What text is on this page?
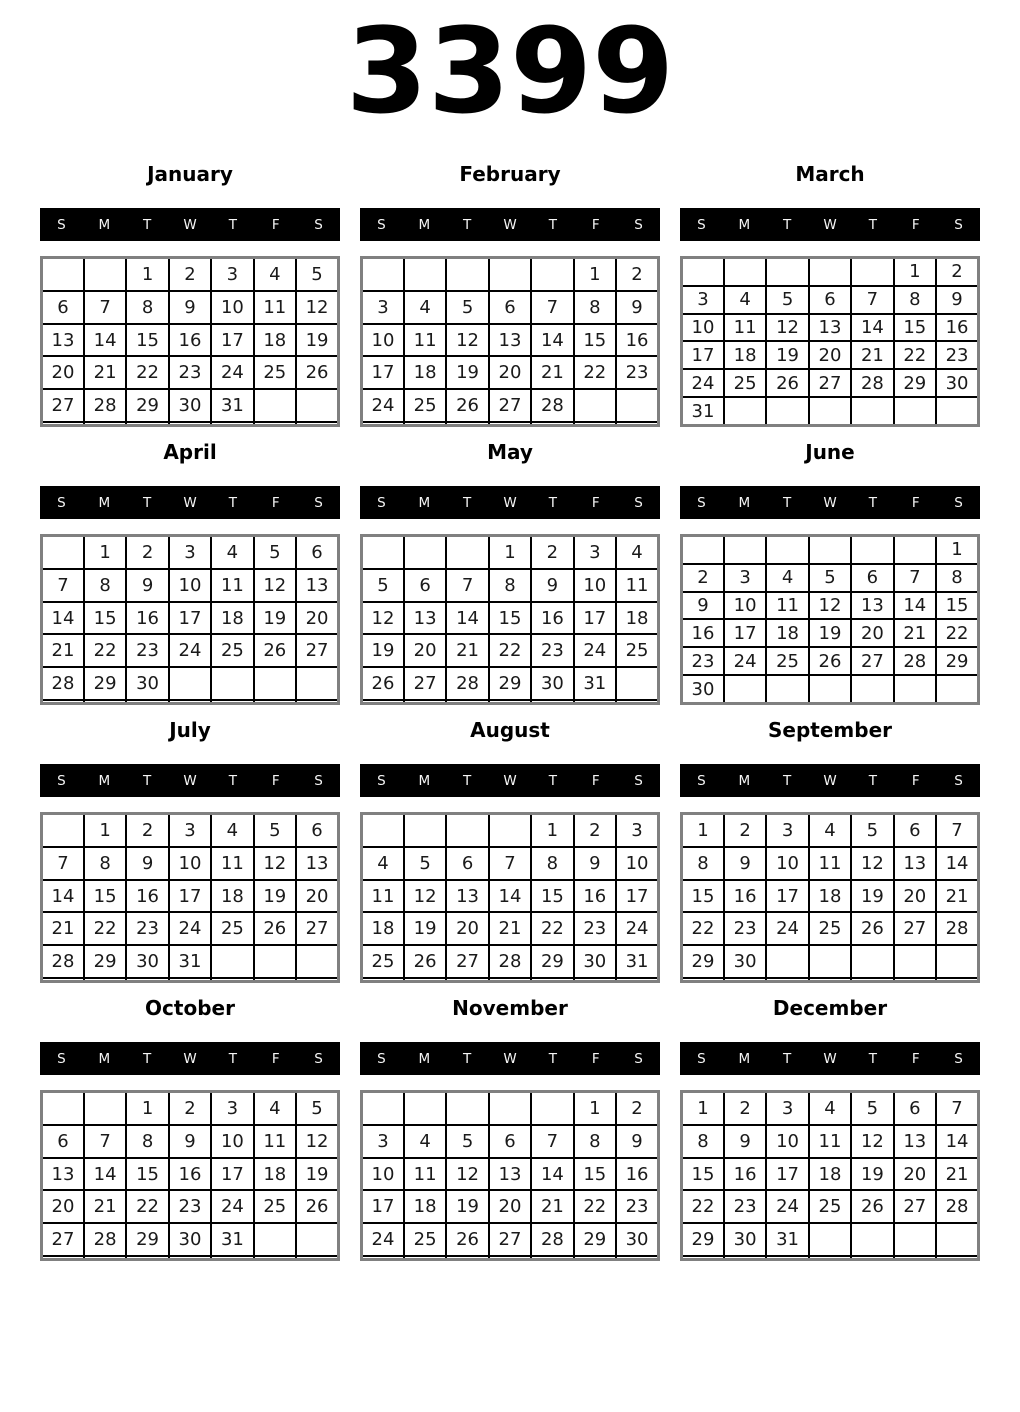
3399
January
S	M	T	W	T	F	S
		1	2	3	4	5
6	7	8	9	10	11	12
13	14	15	16	17	18	19
20	21	22	23	24	25	26
27	28	29	30	31		

February
S	M	T	W	T	F	S
					1	2
3	4	5	6	7	8	9
10	11	12	13	14	15	16
17	18	19	20	21	22	23
24	25	26	27	28		

March
S	M	T	W	T	F	S
					1	2
3	4	5	6	7	8	9
10	11	12	13	14	15	16
17	18	19	20	21	22	23
24	25	26	27	28	29	30
31						
April
S	M	T	W	T	F	S
	1	2	3	4	5	6
7	8	9	10	11	12	13
14	15	16	17	18	19	20
21	22	23	24	25	26	27
28	29	30				

May
S	M	T	W	T	F	S
			1	2	3	4
5	6	7	8	9	10	11
12	13	14	15	16	17	18
19	20	21	22	23	24	25
26	27	28	29	30	31	

June
S	M	T	W	T	F	S
						1
2	3	4	5	6	7	8
9	10	11	12	13	14	15
16	17	18	19	20	21	22
23	24	25	26	27	28	29
30						
July
S	M	T	W	T	F	S
	1	2	3	4	5	6
7	8	9	10	11	12	13
14	15	16	17	18	19	20
21	22	23	24	25	26	27
28	29	30	31			

August
S	M	T	W	T	F	S
				1	2	3
4	5	6	7	8	9	10
11	12	13	14	15	16	17
18	19	20	21	22	23	24
25	26	27	28	29	30	31

September
S	M	T	W	T	F	S
1	2	3	4	5	6	7
8	9	10	11	12	13	14
15	16	17	18	19	20	21
22	23	24	25	26	27	28
29	30					

October
S	M	T	W	T	F	S
		1	2	3	4	5
6	7	8	9	10	11	12
13	14	15	16	17	18	19
20	21	22	23	24	25	26
27	28	29	30	31		

November
S	M	T	W	T	F	S
					1	2
3	4	5	6	7	8	9
10	11	12	13	14	15	16
17	18	19	20	21	22	23
24	25	26	27	28	29	30

December
S	M	T	W	T	F	S
1	2	3	4	5	6	7
8	9	10	11	12	13	14
15	16	17	18	19	20	21
22	23	24	25	26	27	28
29	30	31				
